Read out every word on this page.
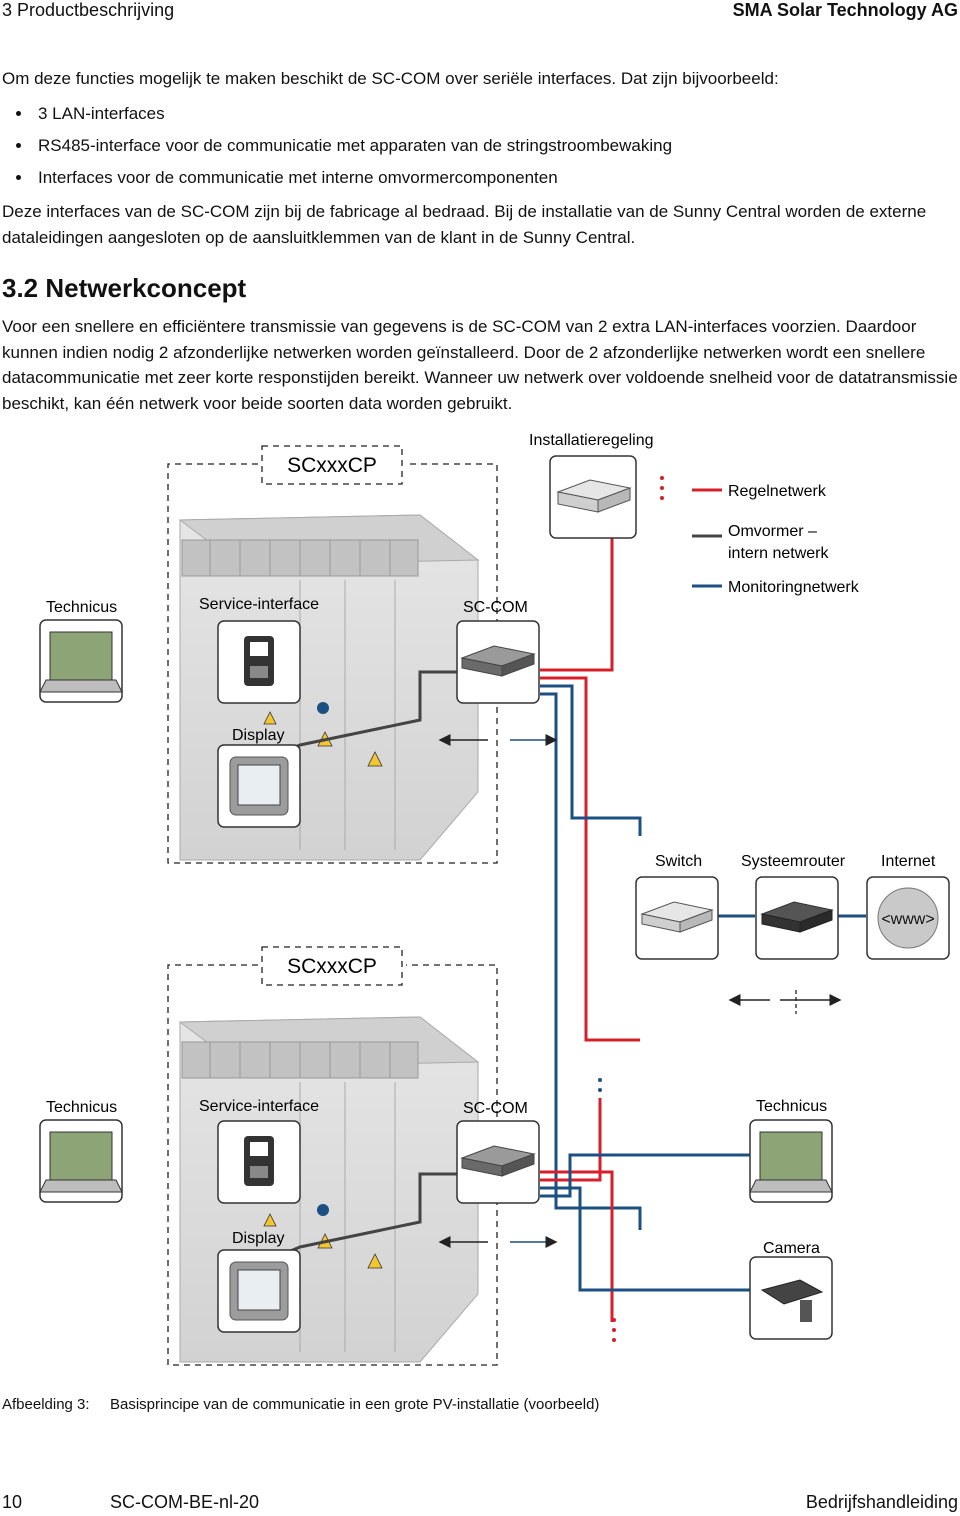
3 Productbeschrijving	SMA Solar Technology AG
Om deze functies mogelijk te maken beschikt de SC-COM over seriële interfaces. Dat zijn bijvoorbeeld:
3 LAN-interfaces
RS485-interface voor de communicatie met apparaten van de stringstroombewaking
Interfaces voor de communicatie met interne omvormercomponenten
Deze interfaces van de SC-COM zijn bij de fabricage al bedraad. Bij de installatie van de Sunny Central worden de externe dataleidingen aangesloten op de aansluitklemmen van de klant in de Sunny Central.
3.2 Netwerkconcept
Voor een snellere en efficiëntere transmissie van gegevens is de SC-COM van 2 extra LAN-interfaces voorzien. Daardoor kunnen indien nodig 2 afzonderlijke netwerken worden geïnstalleerd. Door de 2 afzonderlijke netwerken wordt een snellere datacommunicatie met zeer korte responstijden bereikt. Wanneer uw netwerk over voldoende snelheid voor de datatransmissie beschikt, kan één netwerk voor beide soorten data worden gebruikt.
<www>
Installatieregeling
Regelnetwerk
Omvormer –
intern netwerk
Monitoringnetwerk
SCxxxCP
Technicus	Service-interface	SC-COM
Display
Switch Systeemrouter Internet
SCxxxCP
Technicus	Service-interface	SC-COM
Display
Technicus
Camera
Afbeelding 3: Basisprincipe van de communicatie in een grote PV-installatie (voorbeeld)
10	SC-COM-BE-nl-20	Bedrijfshandleiding
